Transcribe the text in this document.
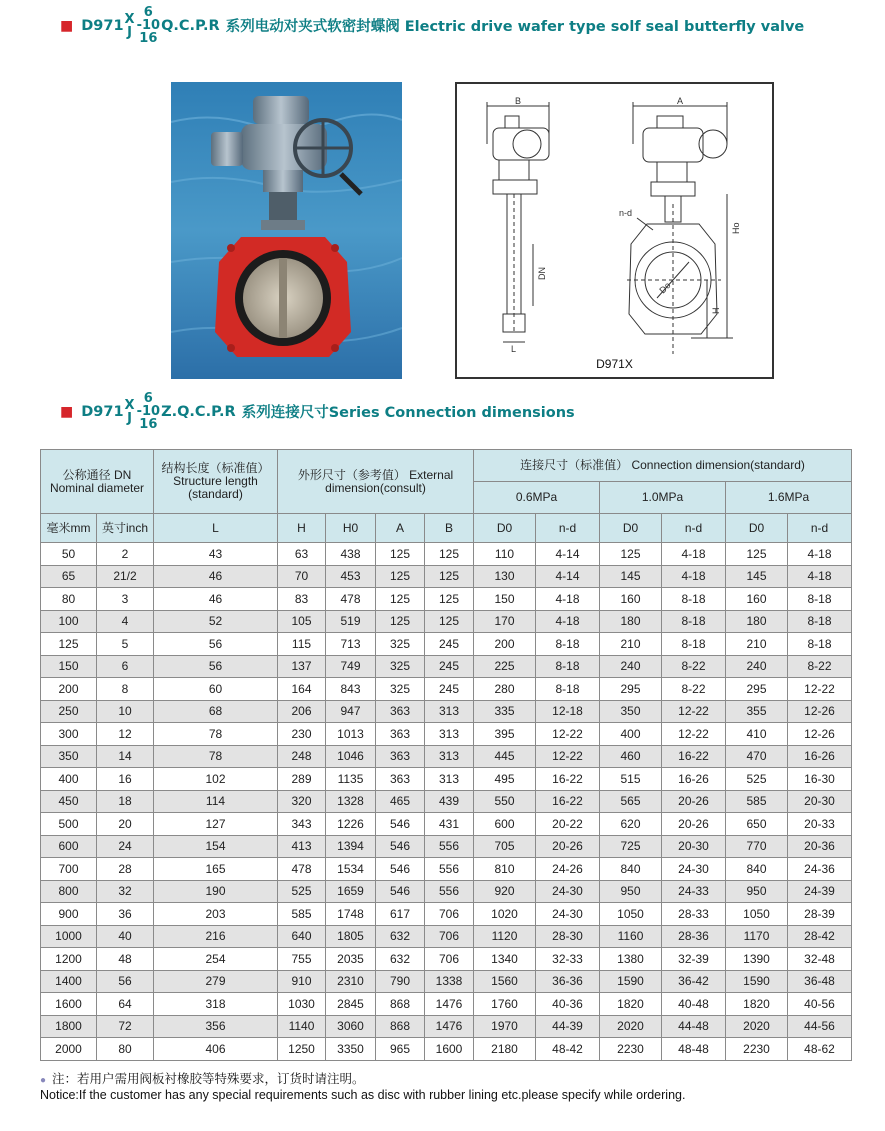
■ D971 X
J
6
-10
16
Q.C.P.R 系列电动对夹式软密封蝶阀 Electric drive wafer type solf seal butterfly valve
B
L
DN
A
Do
n-d
Ho
H
D971X
■ D971 X
J
6
-10
16
Z.Q.C.P.R 系列连接尺寸Series Connection dimensions
公称通径 DN Nominal diameter		结构长度（标准值） Structure length (standard)	外形尺寸（参考值） External dimension(consult)				连接尺寸（标准值） Connection dimension(standard)					
							0.6MPa		1.0MPa		1.6MPa	
毫米mm	英寸inch	L	H	H0	A	B	D0	n-d	D0	n-d	D0	n-d
50	2	43	63	438	125	125	110	4-14	125	4-18	125	4-18
65	21/2	46	70	453	125	125	130	4-14	145	4-18	145	4-18
80	3	46	83	478	125	125	150	4-18	160	8-18	160	8-18
100	4	52	105	519	125	125	170	4-18	180	8-18	180	8-18
125	5	56	115	713	325	245	200	8-18	210	8-18	210	8-18
150	6	56	137	749	325	245	225	8-18	240	8-22	240	8-22
200	8	60	164	843	325	245	280	8-18	295	8-22	295	12-22
250	10	68	206	947	363	313	335	12-18	350	12-22	355	12-26
300	12	78	230	1013	363	313	395	12-22	400	12-22	410	12-26
350	14	78	248	1046	363	313	445	12-22	460	16-22	470	16-26
400	16	102	289	1135	363	313	495	16-22	515	16-26	525	16-30
450	18	114	320	1328	465	439	550	16-22	565	20-26	585	20-30
500	20	127	343	1226	546	431	600	20-22	620	20-26	650	20-33
600	24	154	413	1394	546	556	705	20-26	725	20-30	770	20-36
700	28	165	478	1534	546	556	810	24-26	840	24-30	840	24-36
800	32	190	525	1659	546	556	920	24-30	950	24-33	950	24-39
900	36	203	585	1748	617	706	1020	24-30	1050	28-33	1050	28-39
1000	40	216	640	1805	632	706	1120	28-30	1160	28-36	1170	28-42
1200	48	254	755	2035	632	706	1340	32-33	1380	32-39	1390	32-48
1400	56	279	910	2310	790	1338	1560	36-36	1590	36-42	1590	36-48
1600	64	318	1030	2845	868	1476	1760	40-36	1820	40-48	1820	40-56
1800	72	356	1140	3060	868	1476	1970	44-39	2020	44-48	2020	44-56
2000	80	406	1250	3350	965	1600	2180	48-42	2230	48-48	2230	48-62
● 注：若用户需用阀板衬橡胶等特殊要求，订货时请注明。
Notice:If the customer has any special requirements such as disc with rubber lining etc.please specify while ordering.
